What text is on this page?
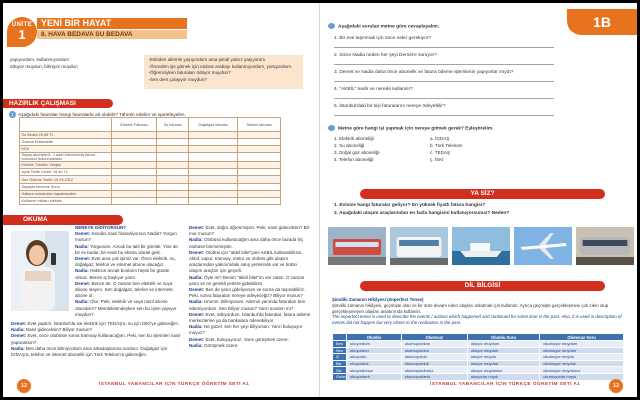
ÜNİTE
1
YENİ BİR HAYAT
8. HAVA BEDAVA SU BEDAVA
yapıyordum, kullanmıyordum
ödüyor muydun, bilmiyor muydun
-Eskiden ailemle yaşıyordum ama şimdi yalnız yaşıyorum.
-Önceden işe gitmek için otobüs arabayı kullanmıyordum, yürüyordum.
-Öğrenciyken faturaları ödüyor muydun?
-Sen ders çalışıyor muydun?
HAZIRLIK ÇALIŞMASI
1 Aşağıdaki faturalar hangi faturalarla ait olabilir? Tahmin edelim ve işaretleyelim.
	Elektrik Faturası	Su faturası	Doğalgaz faturası	Telefon faturası
Su Bedeli 20,68 TL				
Gazına Kullanabilir				
KDV				
Sayaç aboneleri1, 1 adet ödenmemiş fatura borcunuz bulunmaktadır				
Elektrik Tüketim Vergisi				
Aylık Tarife Ücreti: 16,46 TL				
Son Ödeme Tarihi: 19.03.2012				
Sayaçta İlerleme Sonu				
Hatlara numaraları kapatılacaktır				
Kullanım miktarı elektrik				
OKUMA
NEREYE GİDİYORSUN?
Demet: Kendini nasıl hissediyorsun Nadia? Yorgun musun?
Nadia: Yorgunum. Ancak bu tatil bir günlük. Yine de bir ev budur, bir evde bu ekstra olarak gelir.
Demet: Evet ama çok işimiz var. Önce elektrik, su, doğalgaz, telefon ve internet abone olacağız.
Nadia: Haklısın ancak bunların hepsi bir günde olmaz. Benim iş başlıyor yarın.
Demet: Bence de. O zaman ben elektrik ve suya abone olayım. Sen doğalgaz, telefon ve internete abone ol.
Nadia: Olur. Peki, elektrik ve suya nasıl abone olacaksın? Memleketindeyken sen bu işleri yapıyor muydun?
Demet: Evet yaptım. İstanbul'da ise elektrik için TEDAŞ'a, su için İSKİ'ye gideceğim.
Nadia: Nasıl gideceksin? Biliyor musun?
Demet: Evet, önce otobüsle sonra tramvay kullanacağım. Peki, sen bu işlemleri nasıl yapacaksın?
Nadia: Ben daha önce bilmiyordum ama arkadaşlarıma sordum. Doğalgaz için İGDAŞ'a, telefon ve internet abonelik için Türk Telekom'a gideceğim.
Demet: Evet, doğru öğrenmişsin. Peki, nasıl gideceksin? Bil-mor musun?
Nadia: Otobüsü kullanacağım ama daha önce burada hiç otobüse binmemiştim.
Demet: Otobüs için "akbil bilet"yani AKBİL kullanabilirsin. Akbil; vapur, tramvay, metro ve otobüs gibi ulaşım araçlarından yakınımdaki satış yerlerinde var ve bütün ulaşım araçları için geçerli.
Nadia: Öyle mi? Benim "akbil bilet"im var zaten. O zaman yarın ve ön gerekli yerlere gidebilirim.
Demet: Ben de yarın gideliyorum ve sonra da taşınabiliriz. Peki, sonra faturaları nereye ödeyeceğiz? Biliyor musun?
Nadia: Hmmm. Bilmiyorum. Ailemin yanında faturaları ben ödemiyordum. Sen biliyor musun? Yarın soralım mı?
Demet: Evet, ödüyordum. İstanbul'da faturalar, fatura ödeme merkezlerine ya da bankalara ödenebiliyor.
Nadia: Ne güzel, sen her şeyi biliyorsun. Yarın buluşuyor muyuz?
Demet: Evet, buluşuyoruz. Yarın görüşmek üzere.
Nadia: Görüşmek üzere.
12	İSTANBUL YABANCILAR İÇİN TÜRKÇE ÖĞRETİM SETİ A1
1B
Aşağıdaki sorulan metne göre cevaplayalım.
1. Bir eve taşınmak için önce neler gerekiyor?
2. Sizce Nadia neden her şeyi Demet'e soruyor?
3. Demet ve Nadia daha önce abonelik ve fatura ödeme işlemlerini yapıyorlar mıydı?
4. "AKBİL" nedir ve nerede kullanılır?
5. İstanbul'daki bir kişi faturalarını nereye ödeyebilir?
Metne göre hangi işi yapmak için nereye gitmek gerek? Eşleştirelim.
1. Elektrik aboneliği
2. Su aboneliği
3. Doğal gaz aboneliği
4. Telefon aboneliği
a. İGDAŞ
b. Türk Telekom
c. TEDAŞ
ç. İSKİ
YA SİZ?
1. Evinize hangi faturalar geliyor? En yüksek fiyatlı fatura hangisi?
2. Aşağıdaki ulaşım araçlarından en fazla hangisini kullanıyorsunuz? Neden?
DİL BİLGİSİ
Şimdiki Zamanın Hikâyesi (Imperfect Tense)
Şimdiki zamanın hikâyesi, geçmişte olan ve bir süre devam eden olayları anlatmak için kullanılır. Ayrıca geçmişte gerçekleşmesi çok sıkın olup gerçekleşmeyen olayları anlatırımda kullanılır.
The imperfect tense is used to describe the events / actions which happened and continued for some time in the past. Also, it is used in description of events did not happen but very closer to the realization in the past.
	Olumlu	Olumsuz	Olumlu Soru	Olumsuz Soru
Ben	okuyordum	okumuyordum	okuyor muydum	okumuyor muydum
Sen	okuyordun	okumuyordun	okuyor muydun	okumuyor muydun
O	okuyordu	okumuyordu	okuyor muydu	okumuyor muydu
Biz	okuyorduk	okumuyorduk	okuyor muyduk	okumuyor muyduk
Siz	okuyordunuz	okumuyordunuz	okuyor muydunuz	okumuyor muydunuz
Onlar	okuyorlardı	okumuyorlardı	okuyorlar mıydı	okumuyorlar mıydı
İSTANBUL YABANCILAR İÇİN TÜRKÇE ÖĞRETİM SETİ A1	13
